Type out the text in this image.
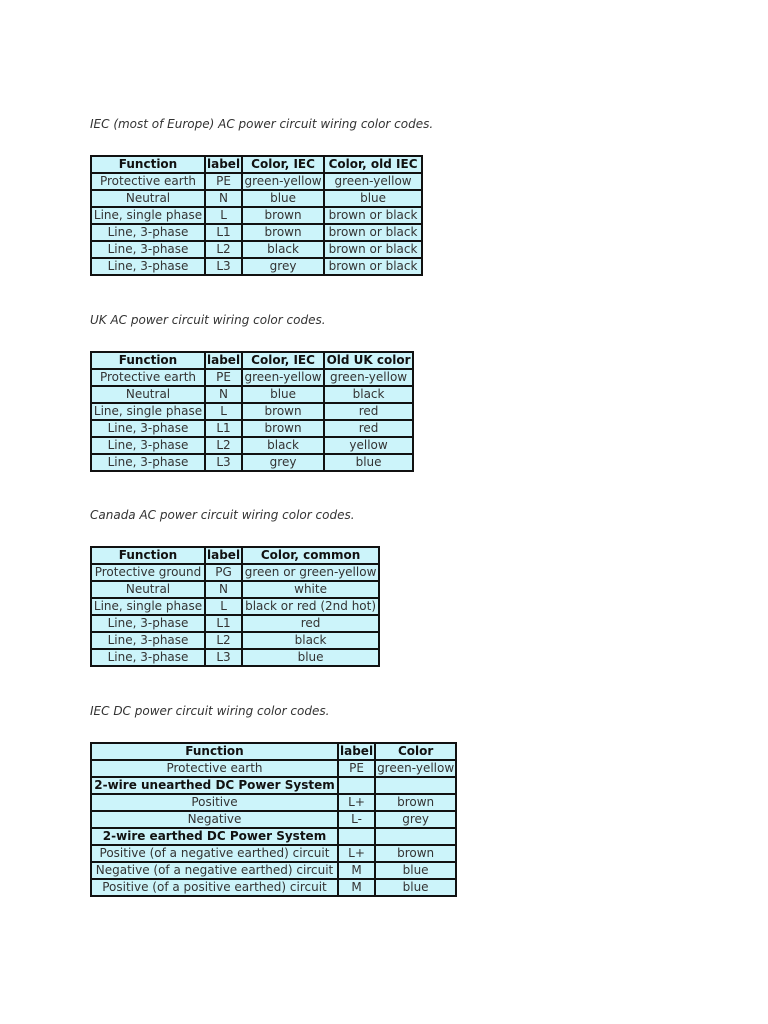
IEC (most of Europe) AC power circuit wiring color codes.
Function	label	Color, IEC	Color, old IEC
Protective earth	PE	green-yellow	green-yellow
Neutral	N	blue	blue
Line, single phase	L	brown	brown or black
Line, 3-phase	L1	brown	brown or black
Line, 3-phase	L2	black	brown or black
Line, 3-phase	L3	grey	brown or black
UK AC power circuit wiring color codes.
Function	label	Color, IEC	Old UK color
Protective earth	PE	green-yellow	green-yellow
Neutral	N	blue	black
Line, single phase	L	brown	red
Line, 3-phase	L1	brown	red
Line, 3-phase	L2	black	yellow
Line, 3-phase	L3	grey	blue
Canada AC power circuit wiring color codes.
Function	label	Color, common
Protective ground	PG	green or green-yellow
Neutral	N	white
Line, single phase	L	black or red (2nd hot)
Line, 3-phase	L1	red
Line, 3-phase	L2	black
Line, 3-phase	L3	blue
IEC DC power circuit wiring color codes.
Function	label	Color
Protective earth	PE	green-yellow
2-wire unearthed DC Power System		
Positive	L+	brown
Negative	L-	grey
2-wire earthed DC Power System		
Positive (of a negative earthed) circuit	L+	brown
Negative (of a negative earthed) circuit	M	blue
Positive (of a positive earthed) circuit	M	blue
